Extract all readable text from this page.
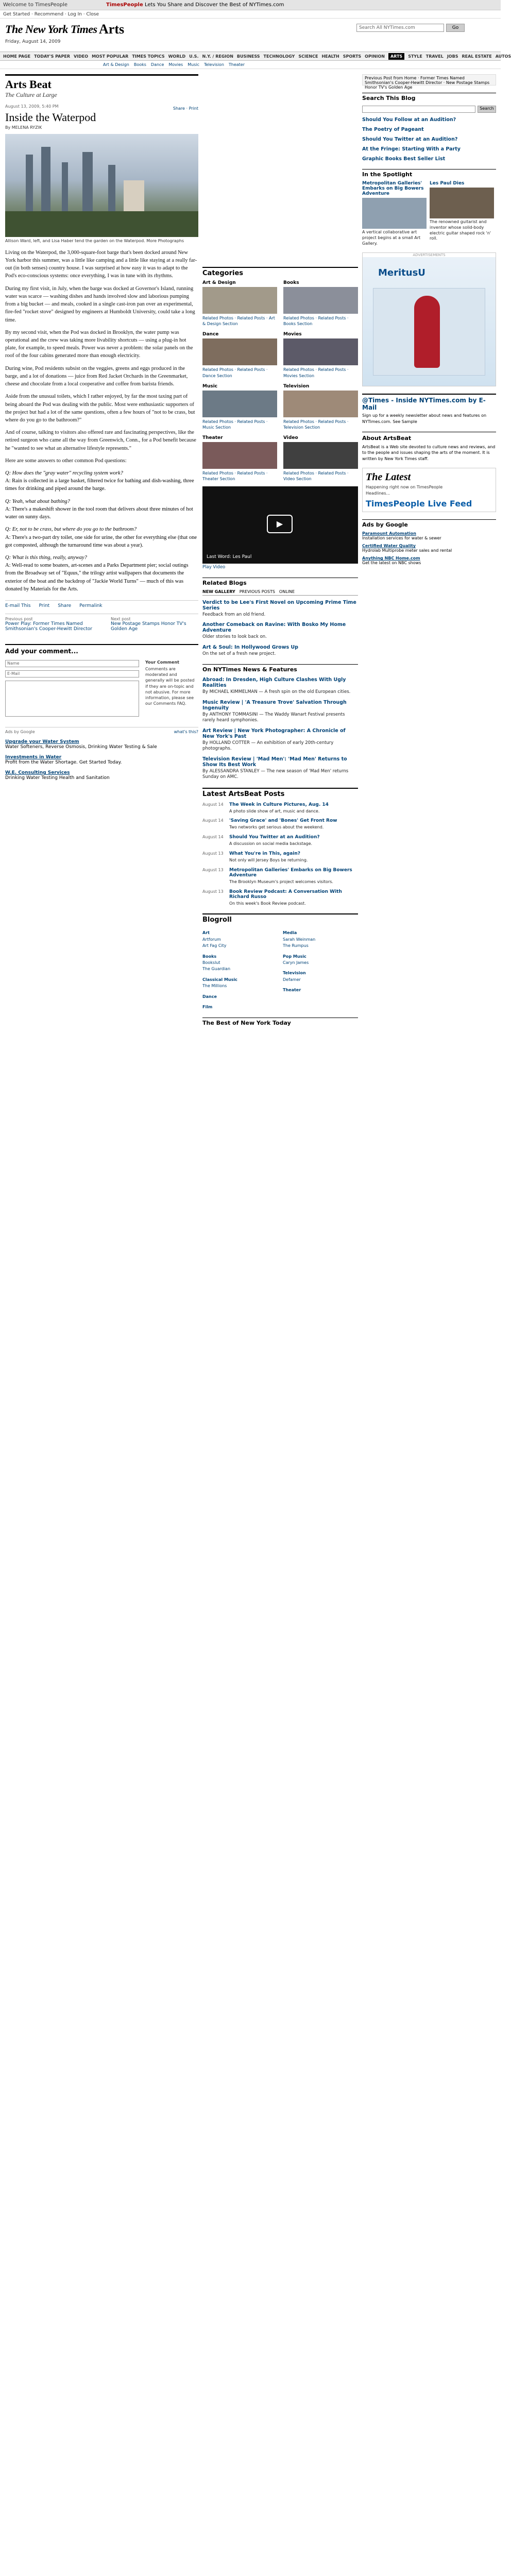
Welcome to TimesPeople	TimesPeople Lets You Share and Discover the Best of NYTimes.com
Get Started · Recommend · Log In · Close
The New York Times Arts	Search All NYTimes.com	Go
Friday, August 14, 2009
HOME PAGE TODAY'S PAPER VIDEO MOST POPULAR TIMES TOPICS WORLD U.S. N.Y. / REGION BUSINESS TECHNOLOGY SCIENCE HEALTH SPORTS OPINION	ARTS	STYLE TRAVEL JOBS REAL ESTATE AUTOS
Art & Design Books Dance Movies Music Television Theater
Arts Beat
The Culture at Large
August 13, 2009, 5:40 PM
Inside the Waterpod
By MELENA RYZIK
Share · Print
Allison Ward, left, and Lisa Haber tend the garden on the Waterpod. More Photographs

Living on the Waterpod, the 3,000-square-foot barge that's been docked around New York harbor this summer, was a little like camping and a little like staying at a really far-out (in both senses) country house. I was surprised at how easy it was to adapt to the Pod's eco-conscious systems: once everything, I was in tune with its rhythms.

During my first visit, in July, when the barge was docked at Governor's Island, running water was scarce — washing dishes and hands involved slow and laborious pumping from a big bucket — and meals, cooked in a single cast-iron pan over an experimental, fire-fed "rocket stove" designed by engineers at Humboldt University, could take a long time.

By my second visit, when the Pod was docked in Brooklyn, the water pump was operational and the crew was taking more livability shortcuts — using a plug-in hot plate, for example, to speed meals. Power was never a problem: the solar panels on the roof of the four cabins generated more than enough electricity.

During wine, Pod residents subsist on the veggies, greens and eggs produced in the barge, and a lot of donations — juice from Red Jacket Orchards in the Greenmarket, cheese and chocolate from a local cooperative and coffee from barista friends.

Aside from the unusual toilets, which I rather enjoyed, by far the most taxing part of being aboard the Pod was dealing with the public. Most were enthusiastic supporters of the project but had a lot of the same questions, often a few hours of "not to be crass, but where do you go to the bathroom?"

And of course, talking to visitors also offered rare and fascinating perspectives, like the retired surgeon who came all the way from Greenwich, Conn., for a Pod benefit because he "wanted to see what an alternative lifestyle represents."

Here are some answers to other common Pod questions:

Q: How does the "gray water" recycling system work?
A: Rain is collected in a large basket, filtered twice for bathing and dish-washing, three times for drinking and piped around the barge.
Q: Yeah, what about bathing?
A: There's a makeshift shower in the tool room that delivers about three minutes of hot water on sunny days.
Q: Er, not to be crass, but where do you go to the bathroom?
A: There's a two-part dry toilet, one side for urine, the other for everything else (that one got composted, although the turnaround time was about a year).
Q: What is this thing, really, anyway?
A: Well-read to some boaters, art-scenes and a Parks Department pier; social outings from the Broadway set of "Equus," the trilogy artist wallpapers that documents the exterior of the boat and the backdrop of "Jackie World Turns" — much of this was donated by Materials for the Arts.
E-mail This Print Share Permalink
Previous post
Power Play: Former Times Named Smithsonian's Cooper-Hewitt Director
Next post
New Postage Stamps Honor TV's Golden Age
Add your comment...
Name
E-Mail
Your Comment
Comments are moderated and generally will be posted if they are on-topic and not abusive. For more information, please see our Comments FAQ.
Ads by Google	what's this?
Upgrade your Water System
Water Softeners, Reverse Osmosis, Drinking Water Testing & Sale
Investments in Water
Profit from the Water Shortage. Get Started Today.
W.E. Consulting Services
Drinking Water Testing Health and Sanitation
Categories
Art & Design
Related Photos · Related Posts · Art & Design Section
Books
Related Photos · Related Posts · Books Section
Dance
Related Photos · Related Posts · Dance Section
Movies
Related Photos · Related Posts · Movies Section
Music
Related Photos · Related Posts · Music Section
Television
Related Photos · Related Posts · Television Section
Theater
Related Photos · Related Posts · Theater Section
Video
Related Photos · Related Posts · Video Section
▶
Last Word: Les Paul
Play Video
Related Blogs
NEW GALLERY PREVIOUS POSTS ONLINE
Verdict to be Lee's First Novel on Upcoming Prime Time Series
Feedback from an old friend.
Another Comeback on Ravine: With Bosko My Home Adventure
Older stories to look back on.
Art & Soul: In Hollywood Grows Up
On the set of a fresh new project.
On NYTimes News & Features
Abroad: In Dresden, High Culture Clashes With Ugly Realities
By MICHAEL KIMMELMAN — A fresh spin on the old European cities.
Music Review | 'A Treasure Trove' Salvation Through Ingenuity
By ANTHONY TOMMASINI — The Waddy Wanart Festival presents rarely heard symphonies.
Art Review | New York Photographer: A Chronicle of New York's Past
By HOLLAND COTTER — An exhibition of early 20th-century photographs.
Television Review | 'Mad Men': 'Mad Men' Returns to Show Its Best Work
By ALESSANDRA STANLEY — The new season of 'Mad Men' returns Sunday on AMC.
Latest ArtsBeat Posts
August 14	The Week in Culture Pictures, Aug. 14
A photo slide show of art, music and dance.
August 14	'Saving Grace' and 'Bones' Get Front Row
Two networks get serious about the weekend.
August 14	Should You Twitter at an Audition?
A discussion on social media backstage.
August 13	What You're in This, again?
Not only will Jersey Boys be returning.
August 13	Metropolitan Galleries' Embarks on Big Bowers Adventure
The Brooklyn Museum's project welcomes visitors.
August 13	Book Review Podcast: A Conversation With Richard Russo
On this week's Book Review podcast.
Blogroll
Art
Artforum
Art Fag City
Books
Bookslut
The Guardian
Classical Music
The Millions
Dance
Film
Media
Sarah Weinman
The Rumpus
Pop Music
Caryn James
Television
Defamer
Theater
The Best of New York Today
Previous Post from Home · Former Times Named Smithsonian's Cooper-Hewitt Director · New Postage Stamps Honor TV's Golden Age
Search This Blog
Search
Should You Follow at an Audition?
The Poetry of Pageant
Should You Twitter at an Audition?
At the Fringe: Starting With a Party
Graphic Books Best Seller List
In the Spotlight
Metropolitan Galleries' Embarks on Big Bowers Adventure
A vertical collaborative art project begins at a small Art Gallery.
Les Paul Dies
The renowned guitarist and inventor whose solid-body electric guitar shaped rock 'n' roll.
ADVERTISEMENTS
MeritusU
@Times - Inside NYTimes.com by E-Mail
Sign up for a weekly newsletter about news and features on NYTimes.com. See Sample
About ArtsBeat
ArtsBeat is a Web site devoted to culture news and reviews, and to the people and issues shaping the arts of the moment. It is written by New York Times staff.
The Latest
Happening right now on TimesPeople
Headlines...
TimesPeople Live Feed
Ads by Google
Paramount Automation
Installation services for water & sewer
Certified Water Quality
Hydrolab Multiprobe meter sales and rental
Anything NBC Home.com
Get the latest on NBC shows
